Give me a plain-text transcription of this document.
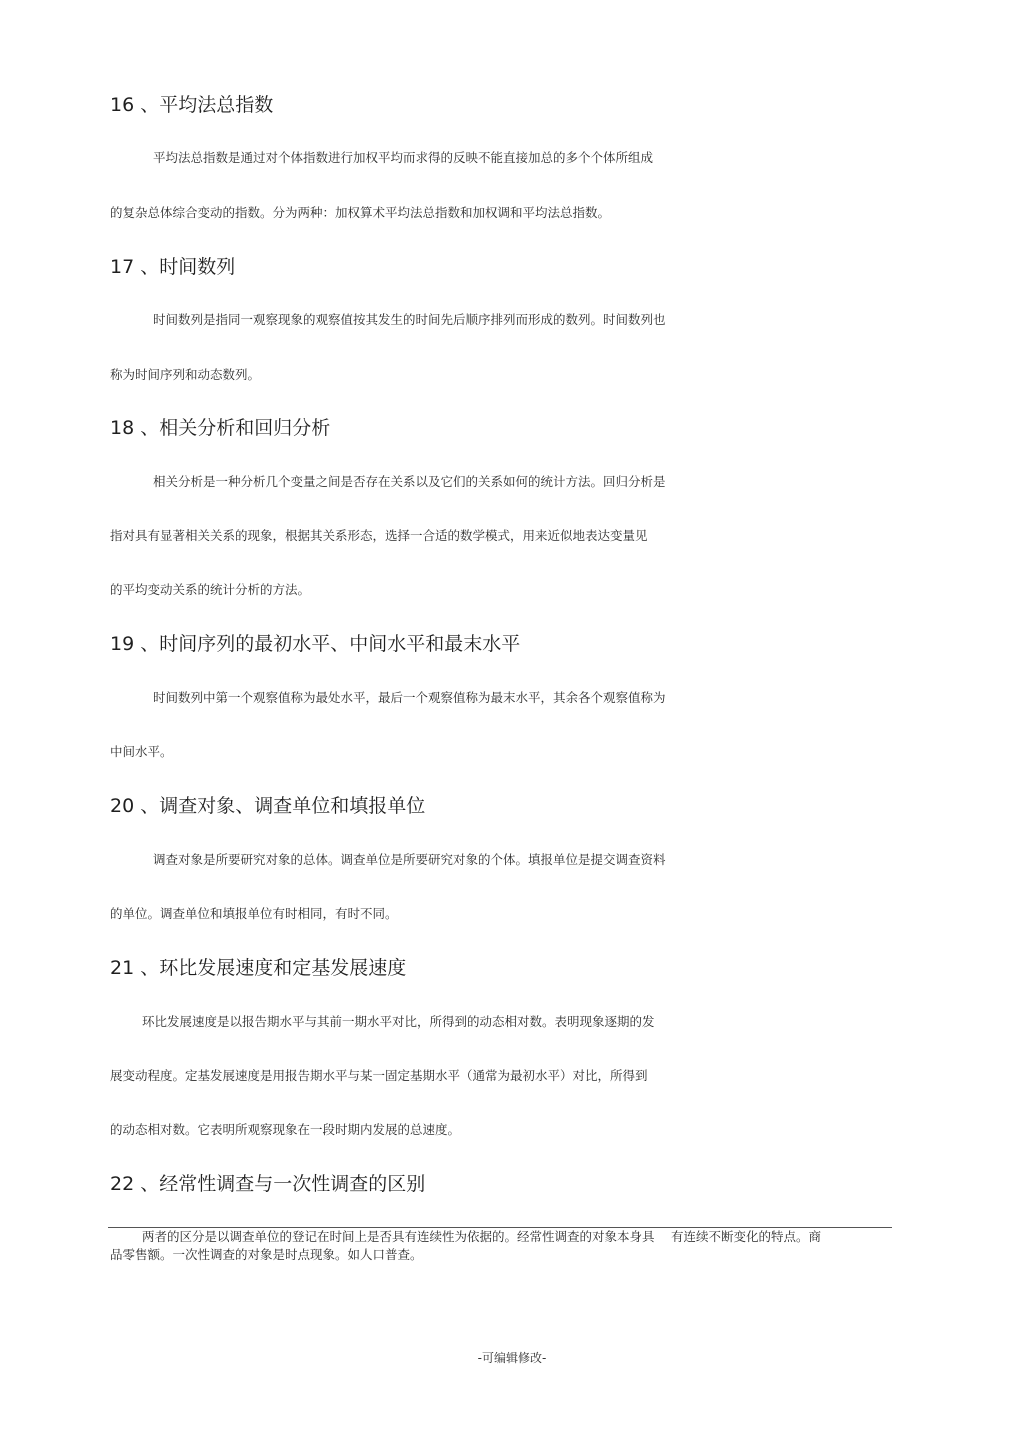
16 、平均法总指数
平均法总指数是通过对个体指数进行加权平均而求得的反映不能直接加总的多个个体所组成
的复杂总体综合变动的指数。分为两种：加权算术平均法总指数和加权调和平均法总指数。
17 、时间数列
时间数列是指同一观察现象的观察值按其发生的时间先后顺序排列而形成的数列。时间数列也
称为时间序列和动态数列。
18 、相关分析和回归分析
相关分析是一种分析几个变量之间是否存在关系以及它们的关系如何的统计方法。回归分析是
指对具有显著相关关系的现象，根据其关系形态，选择一合适的数学模式，用来近似地表达变量见
的平均变动关系的统计分析的方法。
19 、时间序列的最初水平、中间水平和最末水平
时间数列中第一个观察值称为最处水平，最后一个观察值称为最末水平，其余各个观察值称为
中间水平。
20 、调查对象、调查单位和填报单位
调查对象是所要研究对象的总体。调查单位是所要研究对象的个体。填报单位是提交调查资料
的单位。调查单位和填报单位有时相同，有时不同。
21 、环比发展速度和定基发展速度
环比发展速度是以报告期水平与其前一期水平对比，所得到的动态相对数。表明现象逐期的发
展变动程度。定基发展速度是用报告期水平与某一固定基期水平（通常为最初水平）对比，所得到
的动态相对数。它表明所观察现象在一段时期内发展的总速度。
22 、经常性调查与一次性调查的区别
两者的区分是以调查单位的登记在时间上是否具有连续性为依据的。经常性调查的对象本身具　 有连续不断变化的特点。商
品零售额。一次性调查的对象是时点现象。如人口普查。
-可编辑修改-
